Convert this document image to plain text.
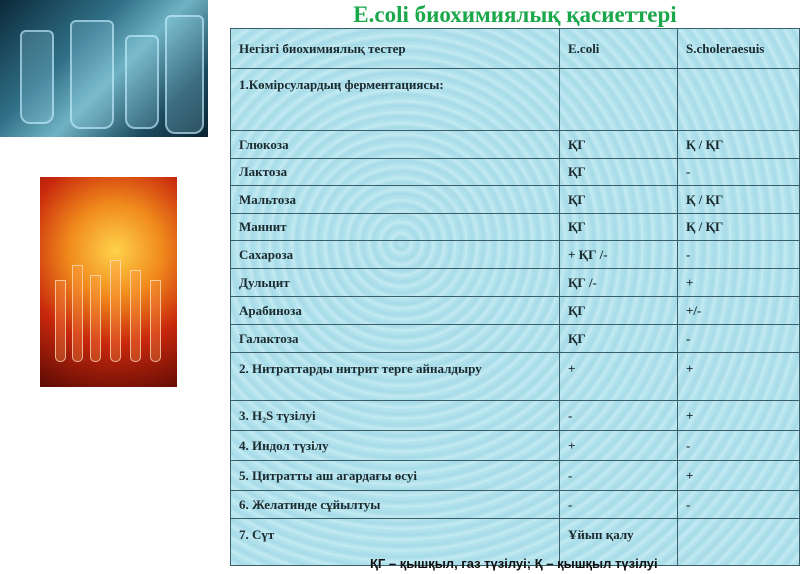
E.coli биохимиялық қасиеттері
Негізгі биохимиялық тестер	E.coli	S.choleraesuis
1.Көмірсулардың ферментациясы:		
Глюкоза	ҚГ	Қ / ҚГ
Лактоза	ҚГ	-
Мальтоза	ҚГ	Қ / ҚГ
Маннит	ҚГ	Қ / ҚГ
Сахароза	+ ҚГ /-	-
Дульцит	ҚГ /-	+
Арабиноза	ҚГ	+/-
Галактоза	ҚГ	-
2. Нитраттарды нитрит терге айналдыру	+	+
3. H₂S түзілуі	-	+
4. Индол түзілу	+	-
5. Цитратты аш агардағы өсуі	-	+
6. Желатинде сұйылтуы	-	-
7. Сүт	Ұйып қалу	
ҚГ – қышқыл, газ түзілуі; Қ – қышқыл түзілуі
